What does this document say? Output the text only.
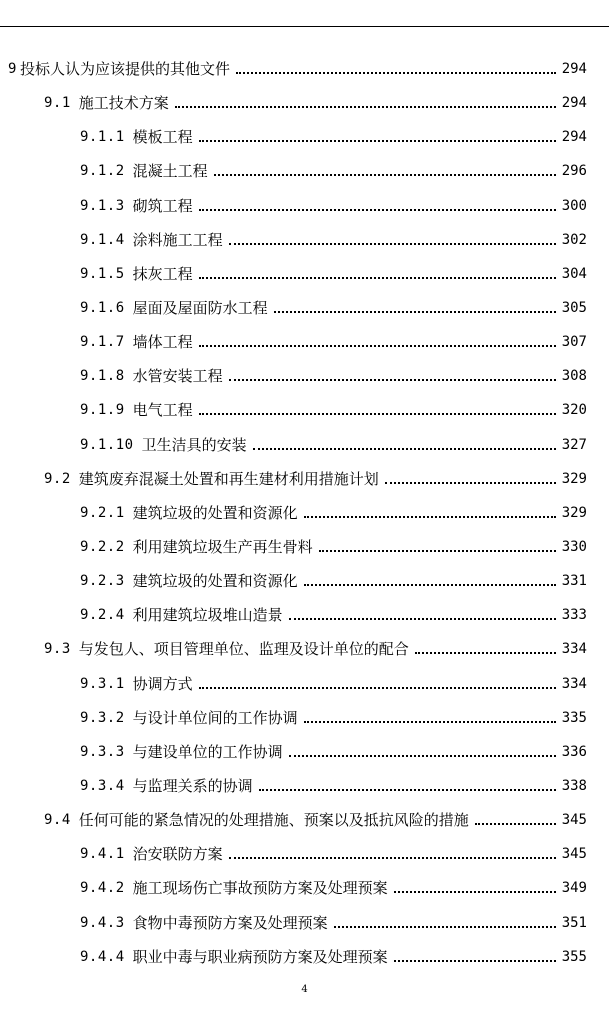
9 投标人认为应该提供的其他文件	294
9.1 施工技术方案	294
9.1.1 模板工程	294
9.1.2 混凝土工程	296
9.1.3 砌筑工程	300
9.1.4 涂料施工工程	302
9.1.5 抹灰工程	304
9.1.6 屋面及屋面防水工程	305
9.1.7 墙体工程	307
9.1.8 水管安装工程	308
9.1.9 电气工程	320
9.1.10 卫生洁具的安装	327
9.2 建筑废弃混凝土处置和再生建材利用措施计划	329
9.2.1 建筑垃圾的处置和资源化	329
9.2.2 利用建筑垃圾生产再生骨料	330
9.2.3 建筑垃圾的处置和资源化	331
9.2.4 利用建筑垃圾堆山造景	333
9.3 与发包人、项目管理单位、监理及设计单位的配合	334
9.3.1 协调方式	334
9.3.2 与设计单位间的工作协调	335
9.3.3 与建设单位的工作协调	336
9.3.4 与监理关系的协调	338
9.4 任何可能的紧急情况的处理措施、预案以及抵抗风险的措施	345
9.4.1 治安联防方案	345
9.4.2 施工现场伤亡事故预防方案及处理预案	349
9.4.3 食物中毒预防方案及处理预案	351
9.4.4 职业中毒与职业病预防方案及处理预案	355
4
